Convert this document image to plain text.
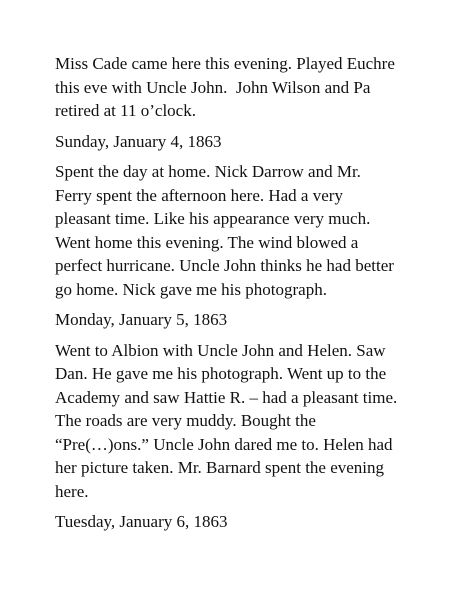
Miss Cade came here this evening. Played Euchre
this eve with Uncle John.  John Wilson and Pa
retired at 11 o’clock.

Sunday, January 4, 1863

Spent the day at home. Nick Darrow and Mr.
Ferry spent the afternoon here. Had a very
pleasant time. Like his appearance very much.
Went home this evening. The wind blowed a
perfect hurricane. Uncle John thinks he had better
go home. Nick gave me his photograph.

Monday, January 5, 1863

Went to Albion with Uncle John and Helen. Saw
Dan. He gave me his photograph. Went up to the
Academy and saw Hattie R. – had a pleasant time.
The roads are very muddy. Bought the
“Pre(…)ons.” Uncle John dared me to. Helen had
her picture taken. Mr. Barnard spent the evening
here.

Tuesday, January 6, 1863
